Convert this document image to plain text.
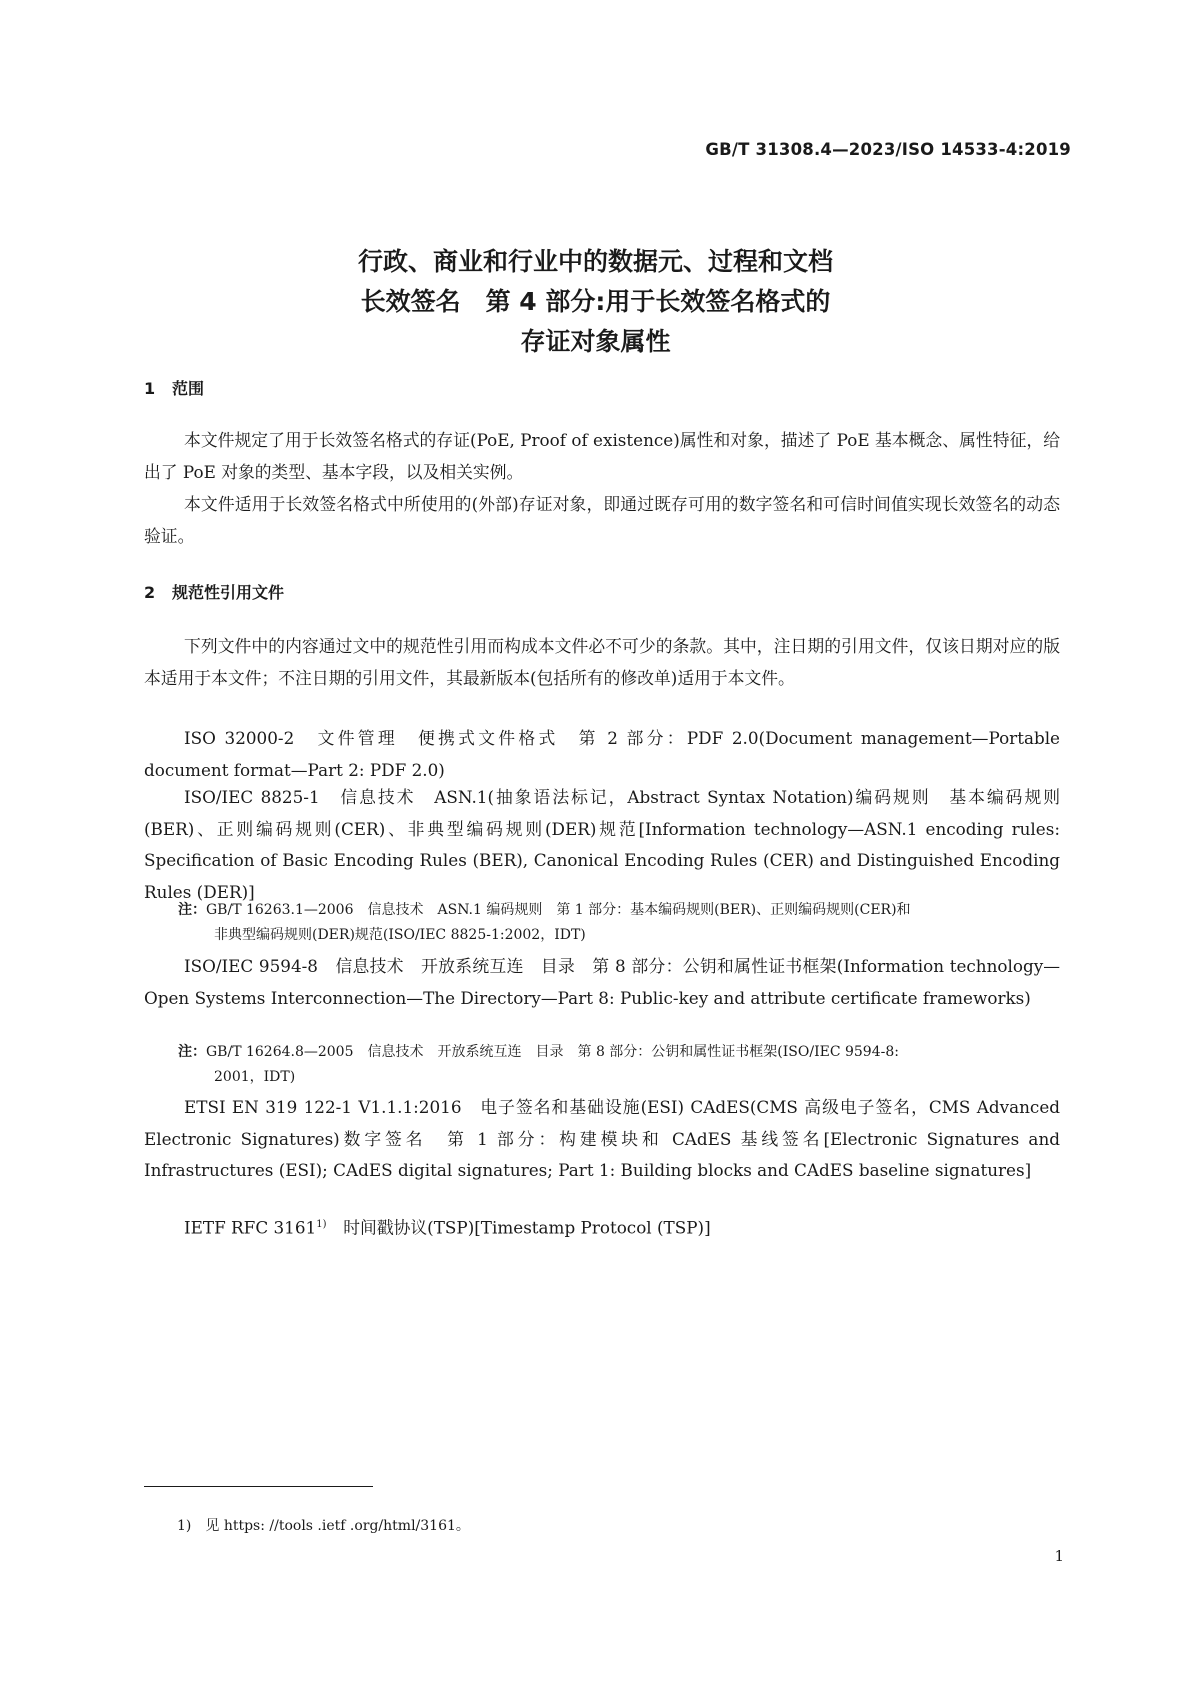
GB/T 31308.4—2023/ISO 14533-4:2019
行政、商业和行业中的数据元、过程和文档
长效签名　第 4 部分:用于长效签名格式的
存证对象属性
1 范围
本文件规定了用于长效签名格式的存证(PoE, Proof of existence)属性和对象，描述了 PoE 基本概念、属性特征，给出了 PoE 对象的类型、基本字段，以及相关实例。
本文件适用于长效签名格式中所使用的(外部)存证对象，即通过既存可用的数字签名和可信时间值实现长效签名的动态验证。
2 规范性引用文件
下列文件中的内容通过文中的规范性引用而构成本文件必不可少的条款。其中，注日期的引用文件，仅该日期对应的版本适用于本文件；不注日期的引用文件，其最新版本(包括所有的修改单)适用于本文件。
ISO 32000-2　文件管理　便携式文件格式　第 2 部分：PDF 2.0(Document management—Portable document format—Part 2: PDF 2.0)
ISO/IEC 8825-1　信息技术　ASN.1(抽象语法标记，Abstract Syntax Notation)编码规则　基本编码规则(BER)、正则编码规则(CER)、非典型编码规则(DER)规范[Information technology—ASN.1 encoding rules: Specification of Basic Encoding Rules (BER), Canonical Encoding Rules (CER) and Distinguished Encoding Rules (DER)]
注：GB/T 16263.1—2006　信息技术　ASN.1 编码规则　第 1 部分：基本编码规则(BER)、正则编码规则(CER)和
非典型编码规则(DER)规范(ISO/IEC 8825-1:2002，IDT)
ISO/IEC 9594-8　信息技术　开放系统互连　目录　第 8 部分：公钥和属性证书框架(Information technology—Open Systems Interconnection—The Directory—Part 8: Public-key and attribute certificate frameworks)
注：GB/T 16264.8—2005　信息技术　开放系统互连　目录　第 8 部分：公钥和属性证书框架(ISO/IEC 9594-8:
2001，IDT)
ETSI EN 319 122-1 V1.1.1:2016　电子签名和基础设施(ESI) CAdES(CMS 高级电子签名，CMS Advanced Electronic Signatures)数字签名　第 1 部分：构建模块和 CAdES 基线签名[Electronic Signatures and Infrastructures (ESI); CAdES digital signatures; Part 1: Building blocks and CAdES baseline signatures]
IETF RFC 3161$^{1)}$　时间戳协议(TSP)[Timestamp Protocol (TSP)]
1)　见 https: //tools .ietf .org/html/3161。
1
